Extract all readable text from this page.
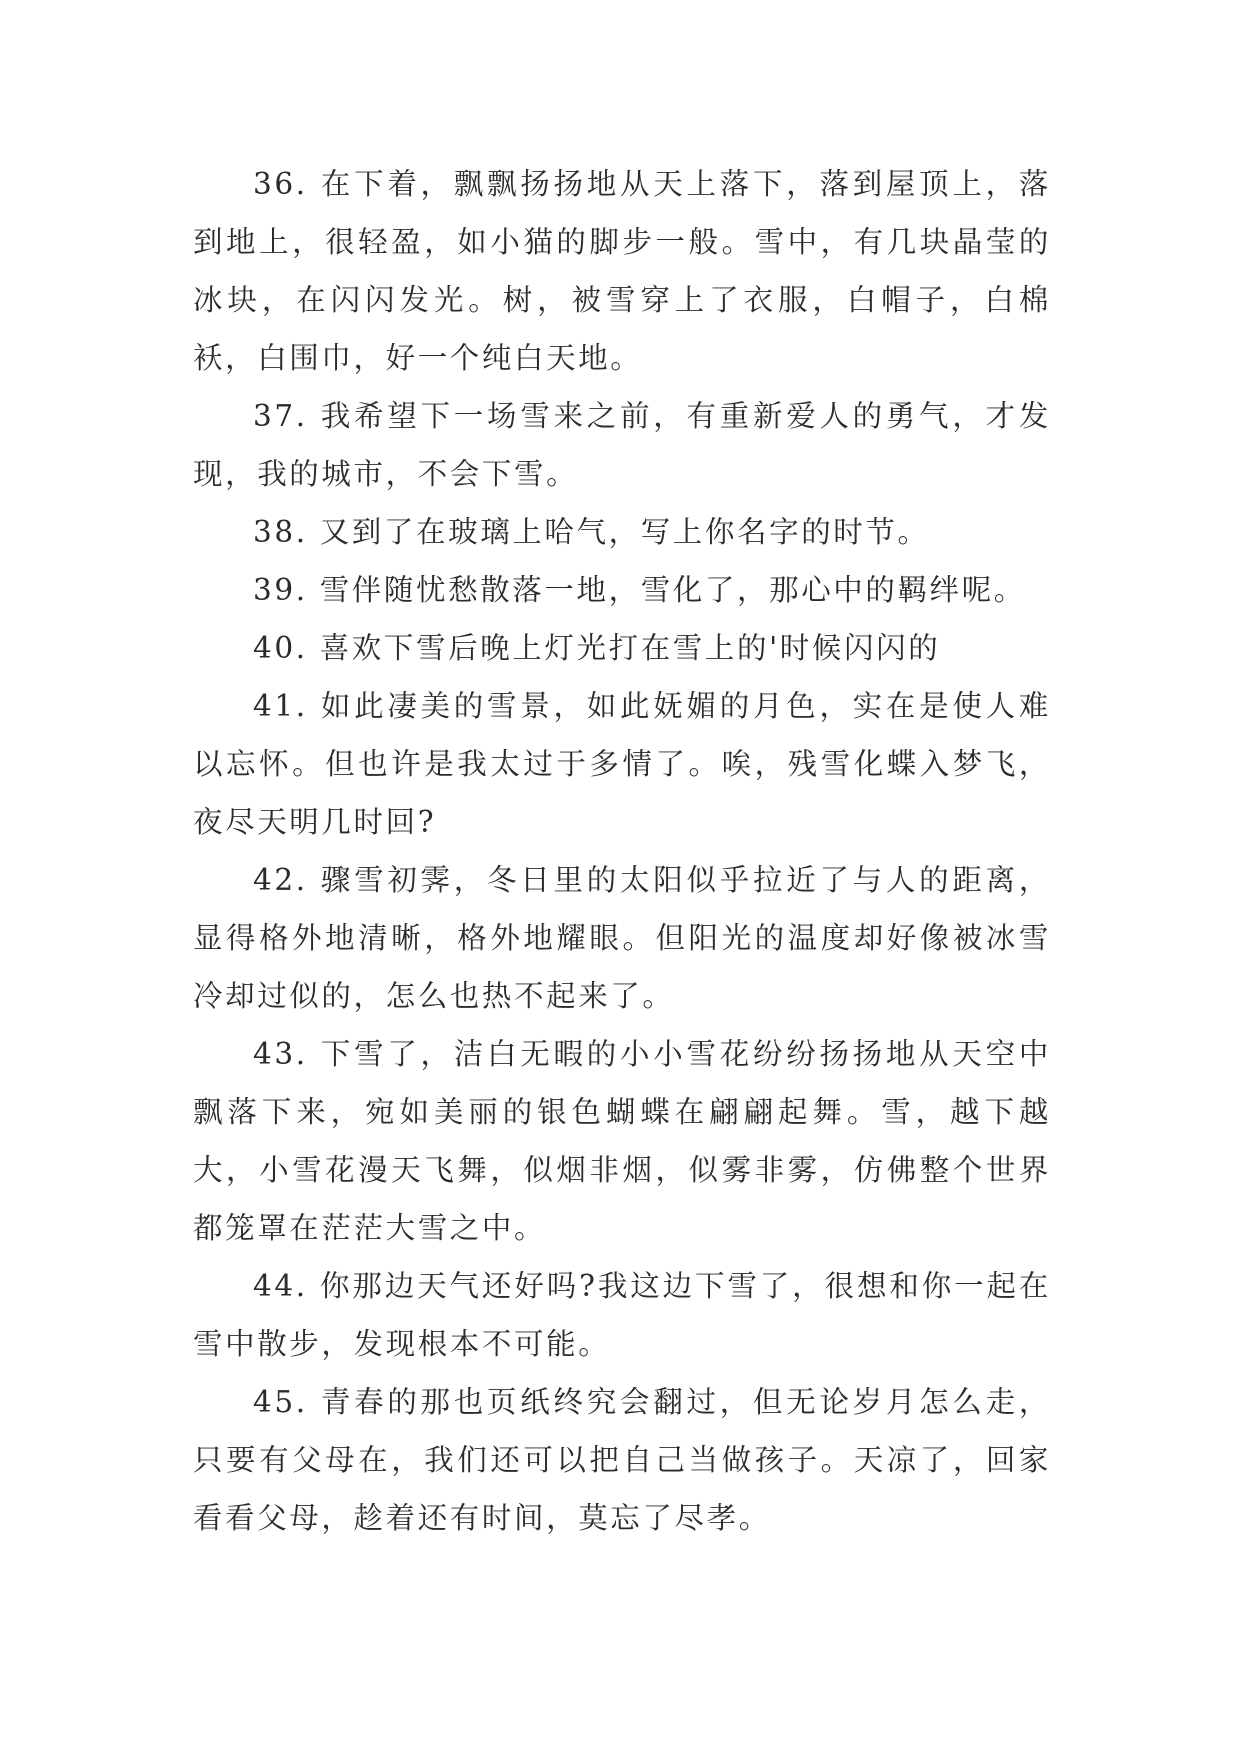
36. 在下着，飘飘扬扬地从天上落下，落到屋顶上，落到地上，很轻盈，如小猫的脚步一般。雪中，有几块晶莹的冰块，在闪闪发光。树，被雪穿上了衣服，白帽子，白棉袄，白围巾，好一个纯白天地。

37. 我希望下一场雪来之前，有重新爱人的勇气，才发现，我的城市，不会下雪。

38. 又到了在玻璃上哈气，写上你名字的时节。

39. 雪伴随忧愁散落一地，雪化了，那心中的羁绊呢。

40. 喜欢下雪后晚上灯光打在雪上的'时候闪闪的

41. 如此凄美的雪景，如此妩媚的月色，实在是使人难以忘怀。但也许是我太过于多情了。唉，残雪化蝶入梦飞，夜尽天明几时回?

42. 骤雪初霁，冬日里的太阳似乎拉近了与人的距离，显得格外地清晰，格外地耀眼。但阳光的温度却好像被冰雪冷却过似的，怎么也热不起来了。

43. 下雪了，洁白无暇的小小雪花纷纷扬扬地从天空中飘落下来，宛如美丽的银色蝴蝶在翩翩起舞。雪，越下越大，小雪花漫天飞舞，似烟非烟，似雾非雾，仿佛整个世界都笼罩在茫茫大雪之中。

44. 你那边天气还好吗?我这边下雪了，很想和你一起在雪中散步，发现根本不可能。

45. 青春的那也页纸终究会翻过，但无论岁月怎么走，只要有父母在，我们还可以把自己当做孩子。天凉了，回家看看父母，趁着还有时间，莫忘了尽孝。
